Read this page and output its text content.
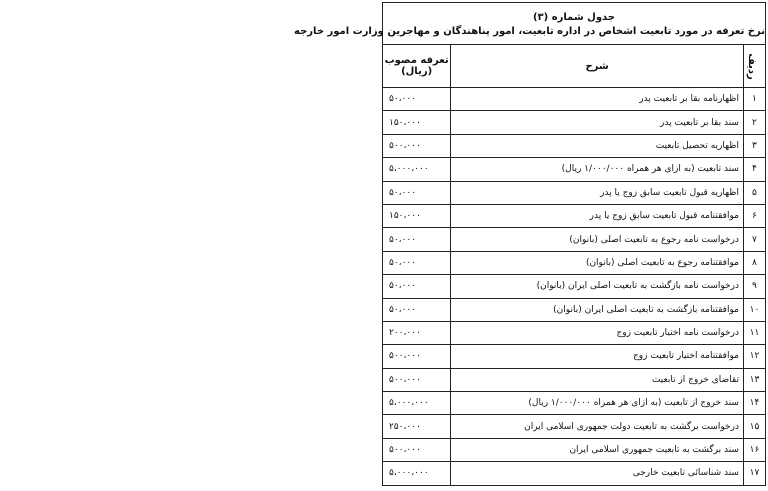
جدول شماره (۳)
نرخ تعرفه در مورد تابعیت اشخاص در اداره تابعیت، امور پناهندگان و مهاجرین وزارت امور خارجه		

ردیف	شرح	تعرفه مصوب
(ریال)

۱	اظهارنامه بقا بر تابعیت پدر	۵۰،۰۰۰
۲	سند بقا بر تابعیت پدر	۱۵۰،۰۰۰
۳	اظهاریه تحصیل تابعیت	۵۰۰،۰۰۰
۴	سند تابعیت (به ازای هر همراه ۱/۰۰۰/۰۰۰ ریال)	۵،۰۰۰،۰۰۰
۵	اظهاریه قبول تابعیت سابق زوج یا پدر	۵۰،۰۰۰
۶	موافقتنامه قبول تابعیت سابق زوج یا پدر	۱۵۰،۰۰۰
۷	درخواست نامه رجوع به تابعیت اصلی (بانوان)	۵۰،۰۰۰
۸	موافقتنامه رجوع به تابعیت اصلی (بانوان)	۵۰،۰۰۰
۹	درخواست نامه بازگشت به تابعیت اصلی ایران (بانوان)	۵۰،۰۰۰
۱۰	موافقتنامه بازگشت به تابعیت اصلی ایران (بانوان)	۵۰،۰۰۰
۱۱	درخواست نامه اختیار تابعیت زوج	۲۰۰،۰۰۰
۱۲	موافقتنامه اختیار تابعیت زوج	۵۰۰،۰۰۰
۱۳	تقاضای خروج از تابعیت	۵۰۰،۰۰۰
۱۴	سند خروج از تابعیت (به ازای هر همراه ۱/۰۰۰/۰۰۰ ریال)	۵،۰۰۰،۰۰۰
۱۵	درخواست برگشت به تابعیت دولت جمهوری اسلامی ایران	۲۵۰،۰۰۰
۱۶	سند برگشت به تابعیت جمهوری اسلامی ایران	۵۰۰،۰۰۰
۱۷	سند شناسائی تابعیت خارجی	۵،۰۰۰،۰۰۰
